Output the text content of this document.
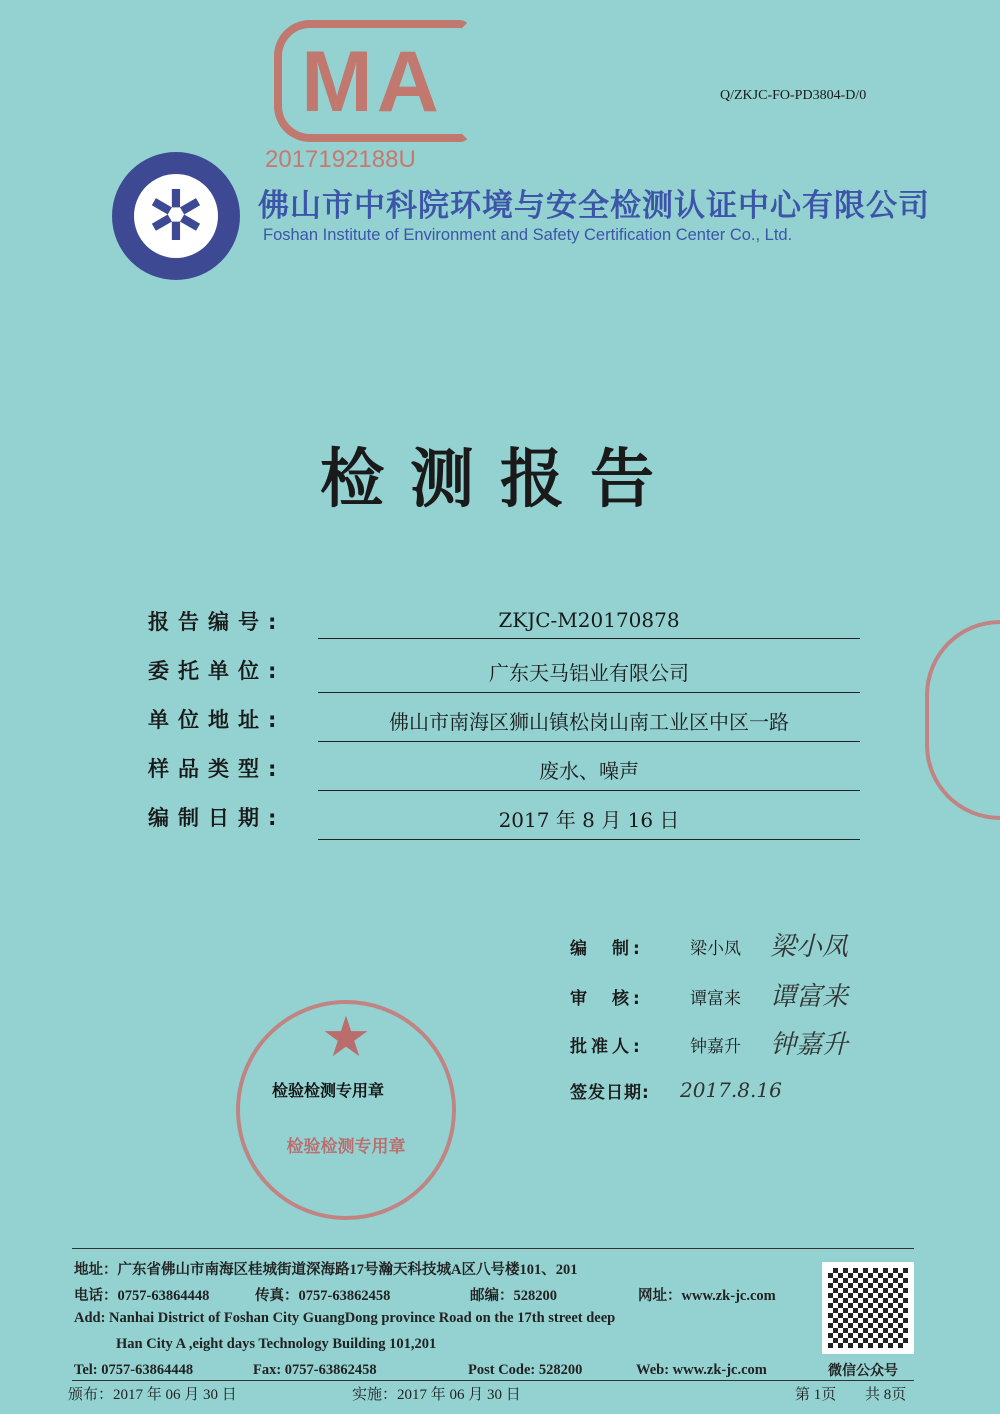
Q/ZKJC-FO-PD3804-D/0
MA
2017192188U
✲	佛山市中科院环境与安全检测认证中心有限公司
Foshan Institute of Environment and Safety Certification Center Co., Ltd.
检测报告
报告编号:	ZKJC-M20170878
委托单位:	广东天马铝业有限公司
单位地址:	佛山市南海区狮山镇松岗山南工业区中区一路
样品类型:	废水、噪声
编制日期:	2017 年 8 月 16 日
★
检验检测专用章
检验检测专用章
编　制:	梁小凤 梁小凤
审　核:	谭富来 谭富来
批准人:	钟嘉升 钟嘉升
签发日期: 2017.8.16
地址：广东省佛山市南海区桂城街道深海路17号瀚天科技城A区八号楼101、201
电话：0757-63864448	传真：0757-63862458	邮编：528200	网址：www.zk-jc.com
Add: Nanhai District of Foshan City GuangDong province Road on the 17th street deep
Han City A ,eight days Technology Building 101,201
Tel: 0757-63864448	Fax: 0757-63862458	Post Code: 528200	Web: www.zk-jc.com	微信公众号
颁布：2017 年 06 月 30 日	实施：2017 年 06 月 30 日	第 1页 共 8页
